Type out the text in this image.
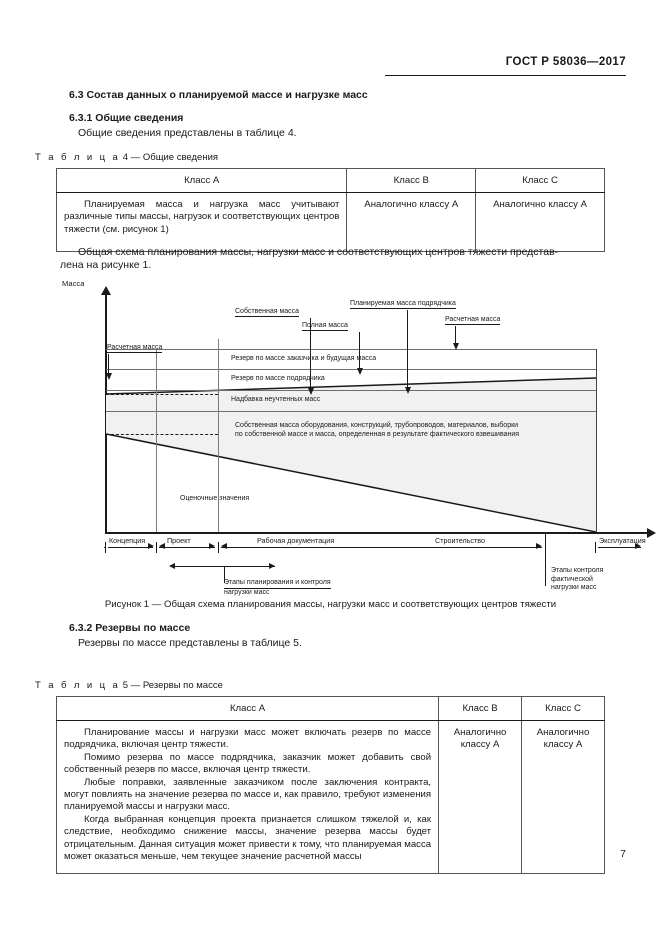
ГОСТ Р 58036—2017
6.3 Состав данных о планируемой массе и нагрузке масс
6.3.1 Общие сведения

Общие сведения представлены в таблице 4.

Т а б л и ц а 4 — Общие сведения
Класс А	Класс В	Класс С

Планируемая масса и нагрузка масс учитывают различные типы массы, нагрузок и соответствующих центров тяжести (см. рисунок 1)	Аналогично классу А	Аналогично классу А

Общая схема планирования массы, нагрузки масс и соответствующих центров тяжести представ-
лена на рисунке 1.

Масса
Резерв по массе заказчика и будущая масса
Резерв по массе подрядчика
Надбавка неучтенных масс
Собственная масса оборудования, конструкций, трубопроводов, материалов, выборки
по собственной массе и масса, определенная в результате фактического взвешивания
Оценочные значения
Расчетная масса
Собственная масса
Полная масса
Планируемая масса подрядчика
Расчетная масса
Концепция	Проект	Рабочая документация	Строительство	Эксплуатация
Этапы планирования и контроля
нагрузки масс
Этапы контроля
фактической
нагрузки масс
Рисунок 1 — Общая схема планирования массы, нагрузки масс и соответствующих центров тяжести
6.3.2 Резервы по массе

Резервы по массе представлены в таблице 5.

Т а б л и ц а 5 — Резервы по массе
Класс А	Класс В	Класс С

Планирование массы и нагрузки масс может включать резерв по массе подрядчика, включая центр тяжести.
Помимо резерва по массе подрядчика, заказчик может добавить свой собственный резерв по массе, включая центр тяжести.
Любые поправки, заявленные заказчиком после заключения контракта, могут повлиять на значение резерва по массе и, как правило, требуют изменения планируемой массы и нагрузки масс.
Когда выбранная концепция проекта признается слишком тяжелой и, как следствие, необходимо снижение массы, значение резерва массы будет отрицательным. Данная ситуация может привести к тому, что планируемая масса может оказаться меньше, чем текущее значение расчетной массы	Аналогично классу А	Аналогично классу А
7
